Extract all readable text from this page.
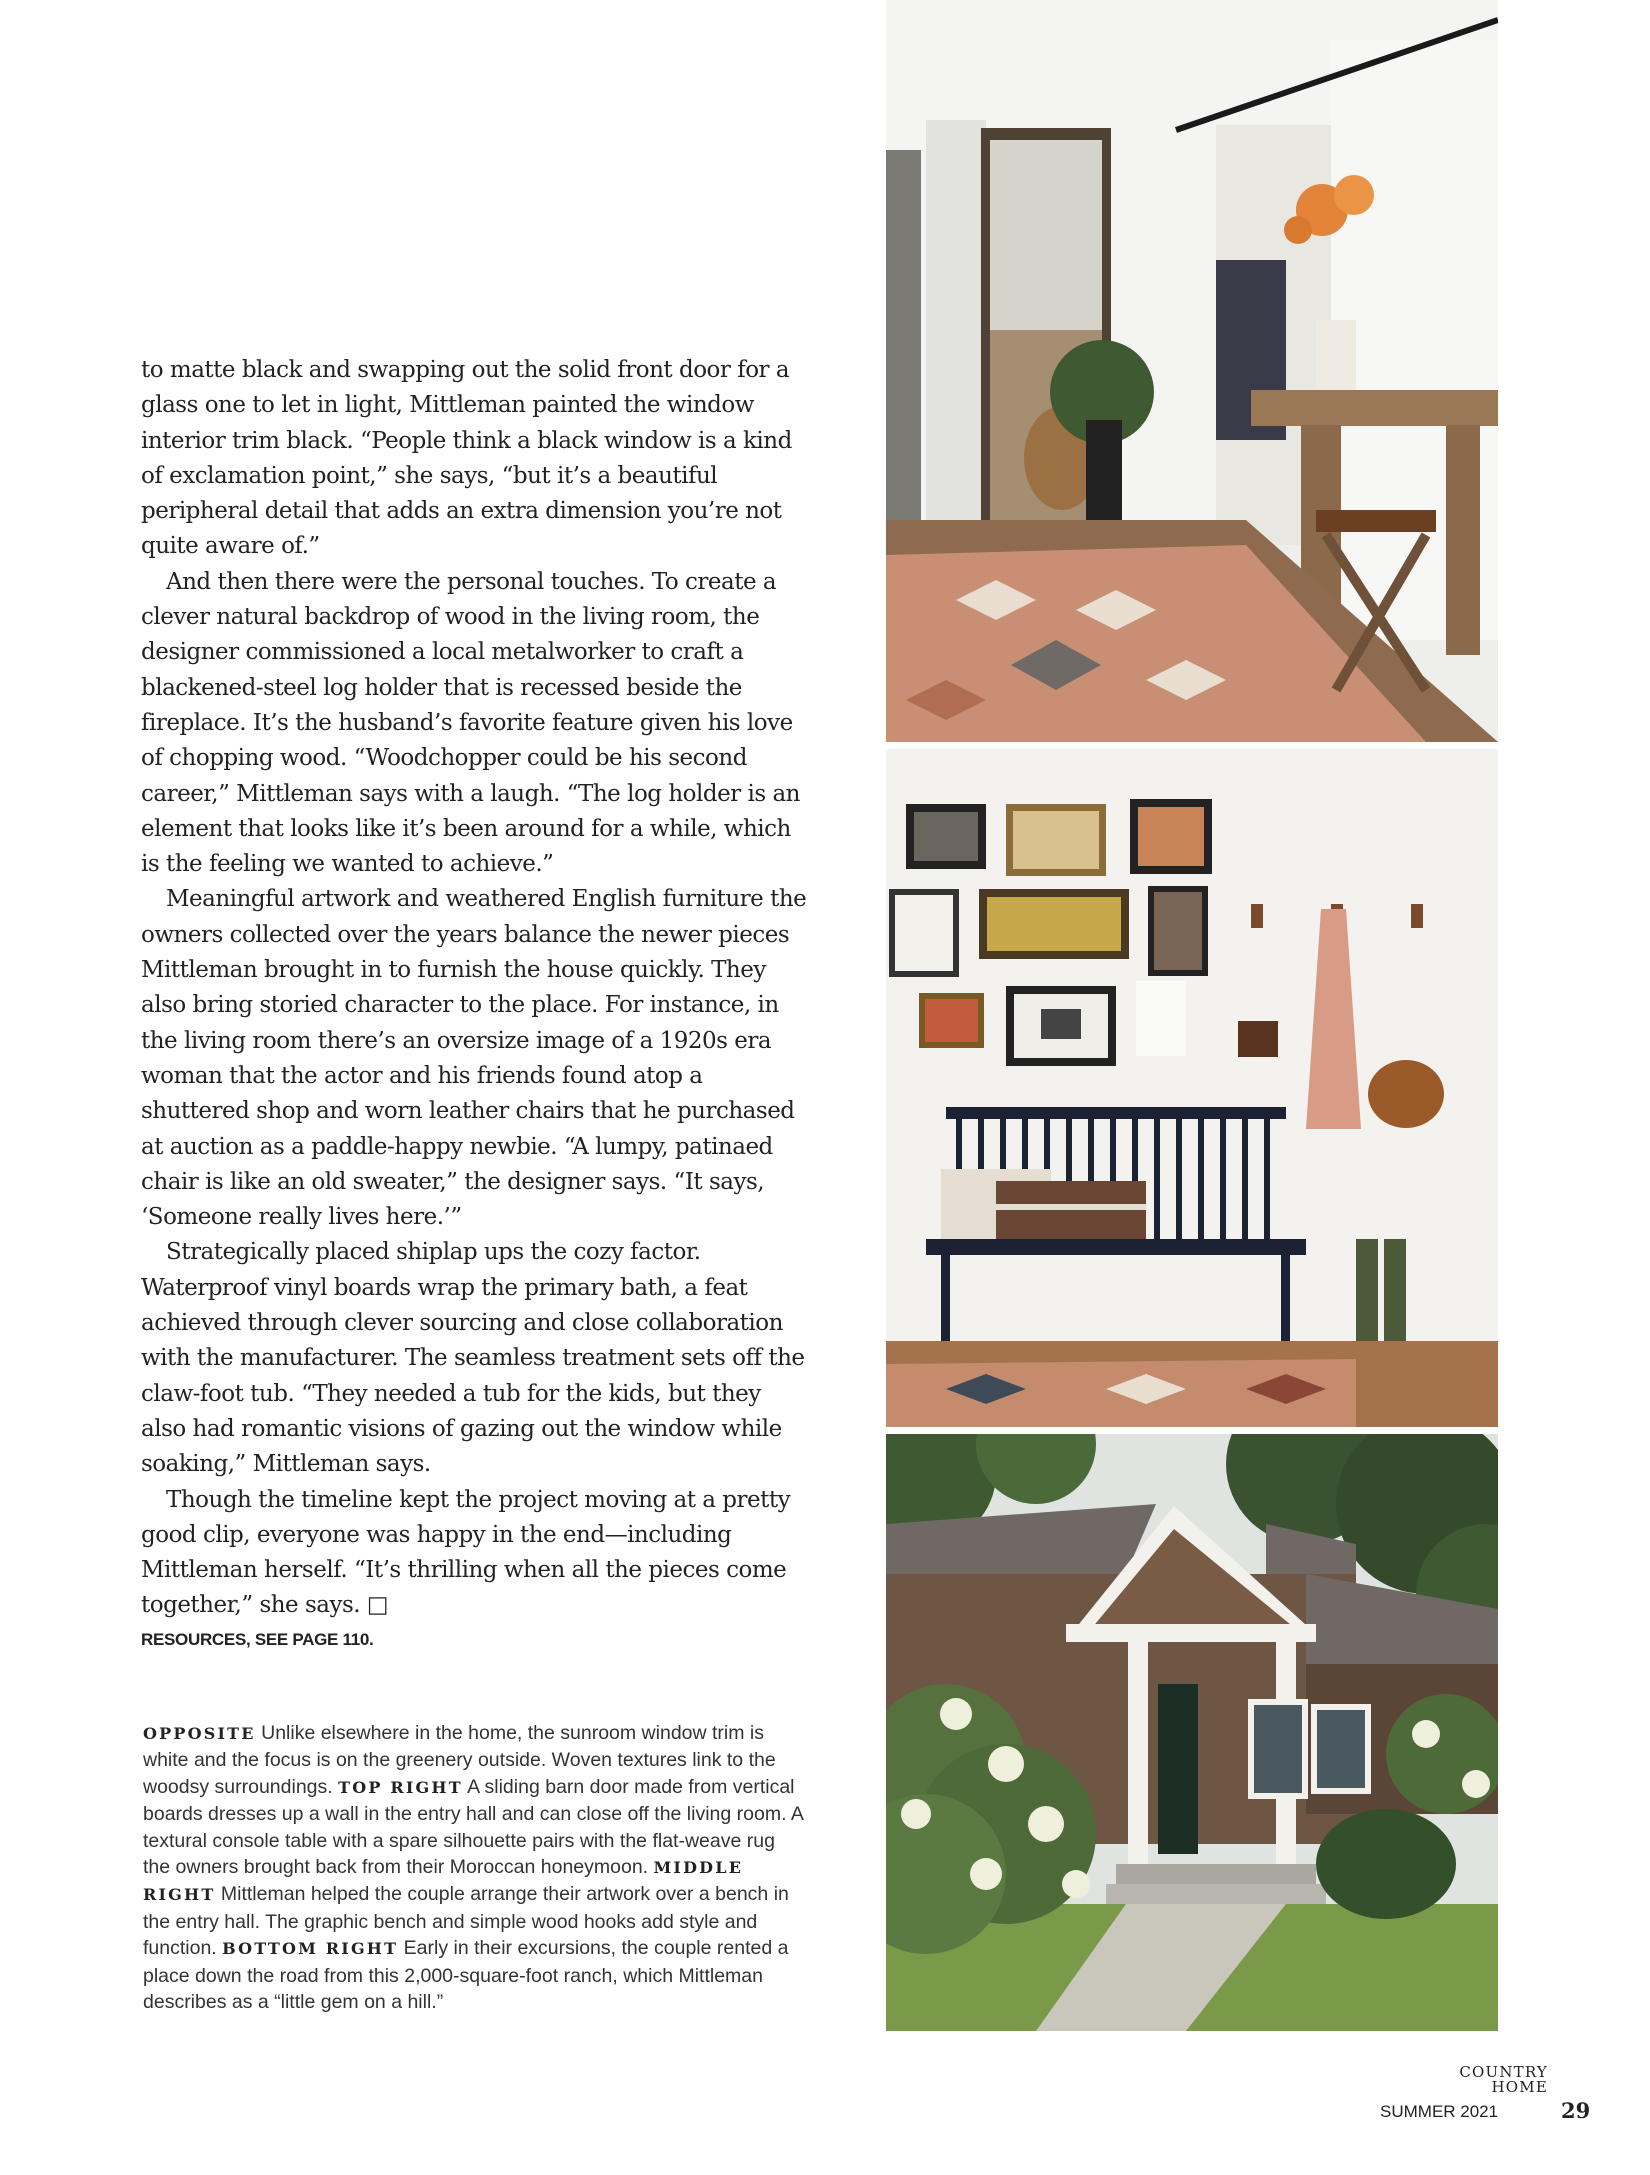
to matte black and swapping out the solid front door for a glass one to let in light, Mittleman painted the window interior trim black. “People think a black window is a kind of exclamation point,” she says, “but it’s a beautiful peripheral detail that adds an extra dimension you’re not quite aware of.”

And then there were the personal touches. To create a clever natural backdrop of wood in the living room, the designer commissioned a local metalworker to craft a blackened-steel log holder that is recessed beside the fireplace. It’s the husband’s favorite feature given his love of chopping wood. “Woodchopper could be his second career,” Mittleman says with a laugh. “The log holder is an element that looks like it’s been around for a while, which is the feeling we wanted to achieve.”

Meaningful artwork and weathered English furniture the owners collected over the years balance the newer pieces Mittleman brought in to furnish the house quickly. They also bring storied character to the place. For instance, in the living room there’s an oversize image of a 1920s era woman that the actor and his friends found atop a shuttered shop and worn leather chairs that he purchased at auction as a paddle-happy newbie. “A lumpy, patinaed chair is like an old sweater,” the designer says. “It says, ‘Someone really lives here.’”

Strategically placed shiplap ups the cozy factor. Waterproof vinyl boards wrap the primary bath, a feat achieved through clever sourcing and close collaboration with the manufacturer. The seamless treatment sets off the claw-foot tub. “They needed a tub for the kids, but they also had romantic visions of gazing out the window while soaking,” Mittleman says.

Though the timeline kept the project moving at a pretty good clip, everyone was happy in the end—including Mittleman herself. “It’s thrilling when all the pieces come together,” she says. □

RESOURCES, SEE PAGE 110.
OPPOSITE Unlike elsewhere in the home, the sunroom window trim is white and the focus is on the greenery outside. Woven textures link to the woodsy surroundings. TOP RIGHT A sliding barn door made from vertical boards dresses up a wall in the entry hall and can close off the living room. A textural console table with a spare silhouette pairs with the flat-weave rug the owners brought back from their Moroccan honeymoon. MIDDLE RIGHT Mittleman helped the couple arrange their artwork over a bench in the entry hall. The graphic bench and simple wood hooks add style and function. BOTTOM RIGHT Early in their excursions, the couple rented a place down the road from this 2,000-square-foot ranch, which Mittleman describes as a “little gem on a hill.”
COUNTRY
HOME
SUMMER 2021	29
